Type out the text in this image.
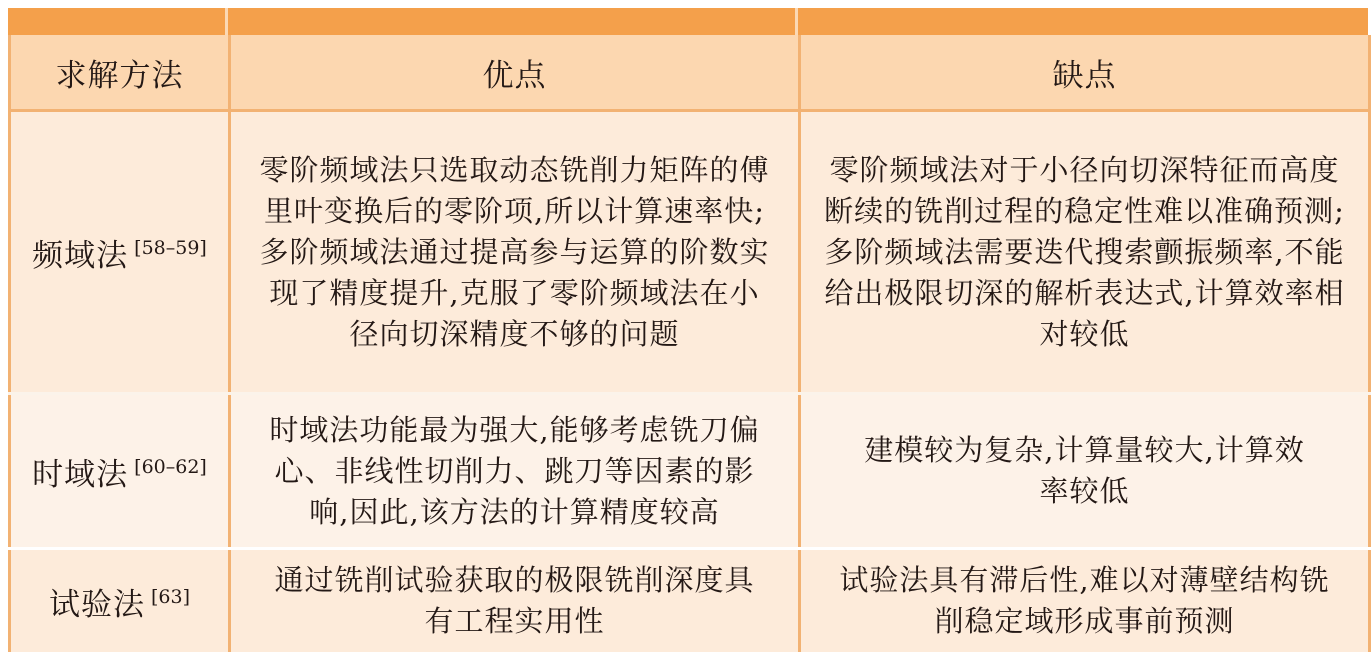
求解方法	优点	缺点
频域法 [58–59]	零阶频域法只选取动态铣削力矩阵的傅里叶变换后的零阶项,所以计算速率快;多阶频域法通过提高参与运算的阶数实现了精度提升,克服了零阶频域法在小径向切深精度不够的问题	零阶频域法对于小径向切深特征而高度断续的铣削过程的稳定性难以准确预测;多阶频域法需要迭代搜索颤振频率,不能给出极限切深的解析表达式,计算效率相对较低
时域法 [60–62]	时域法功能最为强大,能够考虑铣刀偏心、非线性切削力、跳刀等因素的影响,因此,该方法的计算精度较高	建模较为复杂,计算量较大,计算效率较低
试验法 [63]	通过铣削试验获取的极限铣削深度具有工程实用性	试验法具有滞后性,难以对薄壁结构铣削稳定域形成事前预测
